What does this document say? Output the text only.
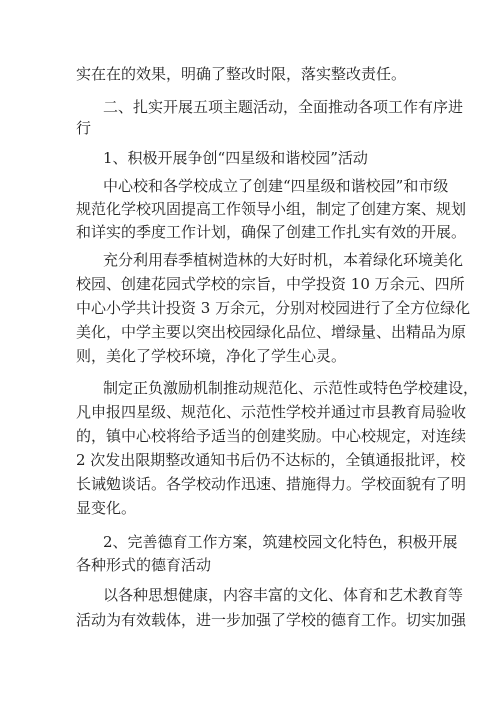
实在在的效果，明确了整改时限，落实整改责任。
二、扎实开展五项主题活动，全面推动各项工作有序进
行
1、积极开展争创“四星级和谐校园”活动
中心校和各学校成立了创建“四星级和谐校园”和市级
规范化学校巩固提高工作领导小组，制定了创建方案、规划
和详实的季度工作计划，确保了创建工作扎实有效的开展。
充分利用春季植树造林的大好时机，本着绿化环境美化
校园、创建花园式学校的宗旨，中学投资 10 万余元、四所
中心小学共计投资 3 万余元，分别对校园进行了全方位绿化
美化，中学主要以突出校园绿化品位、增绿量、出精品为原
则，美化了学校环境，净化了学生心灵。
制定正负激励机制推动规范化、示范性或特色学校建设，
凡申报四星级、规范化、示范性学校并通过市县教育局验收
的，镇中心校将给予适当的创建奖励。中心校规定，对连续
2 次发出限期整改通知书后仍不达标的，全镇通报批评，校
长诫勉谈话。各学校动作迅速、措施得力。学校面貌有了明
显变化。
2、完善德育工作方案，筑建校园文化特色，积极开展
各种形式的德育活动
以各种思想健康，内容丰富的文化、体育和艺术教育等
活动为有效载体，进一步加强了学校的德育工作。切实加强
